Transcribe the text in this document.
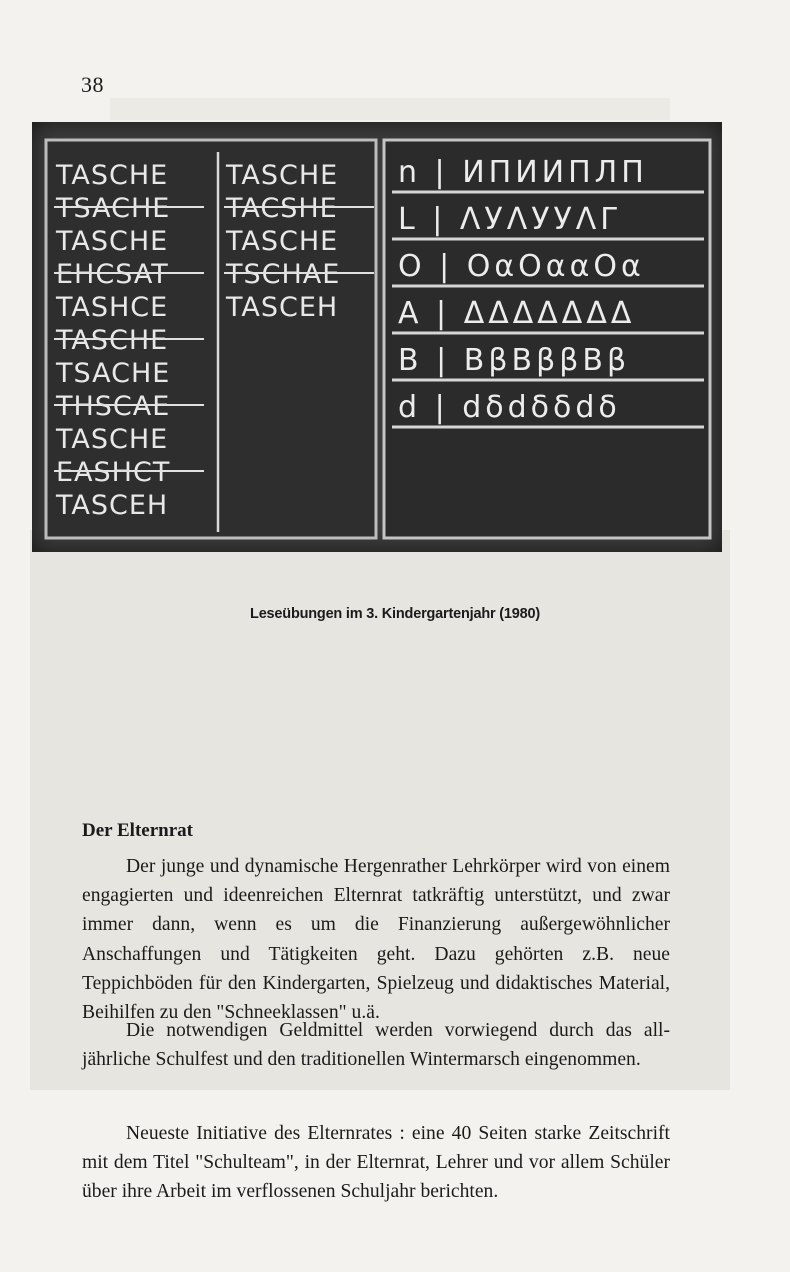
38
TASCHE TASCHE
TSACHE TACSHE
TASCHE TASCHE
EHCSAT TSCHAE
TASHCE TASCEH
TASCHE
TSACHE
THSCAE
TASCHE
EASHCT
TASCEH
n | ИПИИПЛП
L | ΛУΛУУΛΓ
O | OαОααОα
A | ΔΔΔΔΔΔΔ
B | ВβВββВβ
d | dδdδδdδ
Leseübungen im 3. Kindergartenjahr (1980)
Der Elternrat
Der junge und dynamische Hergenrather Lehrkörper wird von einem engagierten und ideenreichen Elternrat tatkräftig unterstützt, und zwar immer dann, wenn es um die Finanzierung außergewöhnlicher Anschaffungen und Tätigkeiten geht. Dazu gehörten z.B. neue Teppichböden für den Kindergarten, Spielzeug und didaktisches Material, Beihilfen zu den "Schneeklassen" u.ä.
Die notwendigen Geldmittel werden vorwiegend durch das alljährliche Schulfest und den traditionellen Wintermarsch eingenommen.
Neueste Initiative des Elternrates : eine 40 Seiten starke Zeitschrift mit dem Titel "Schulteam", in der Elternrat, Lehrer und vor allem Schüler über ihre Arbeit im verflossenen Schuljahr berichten.
